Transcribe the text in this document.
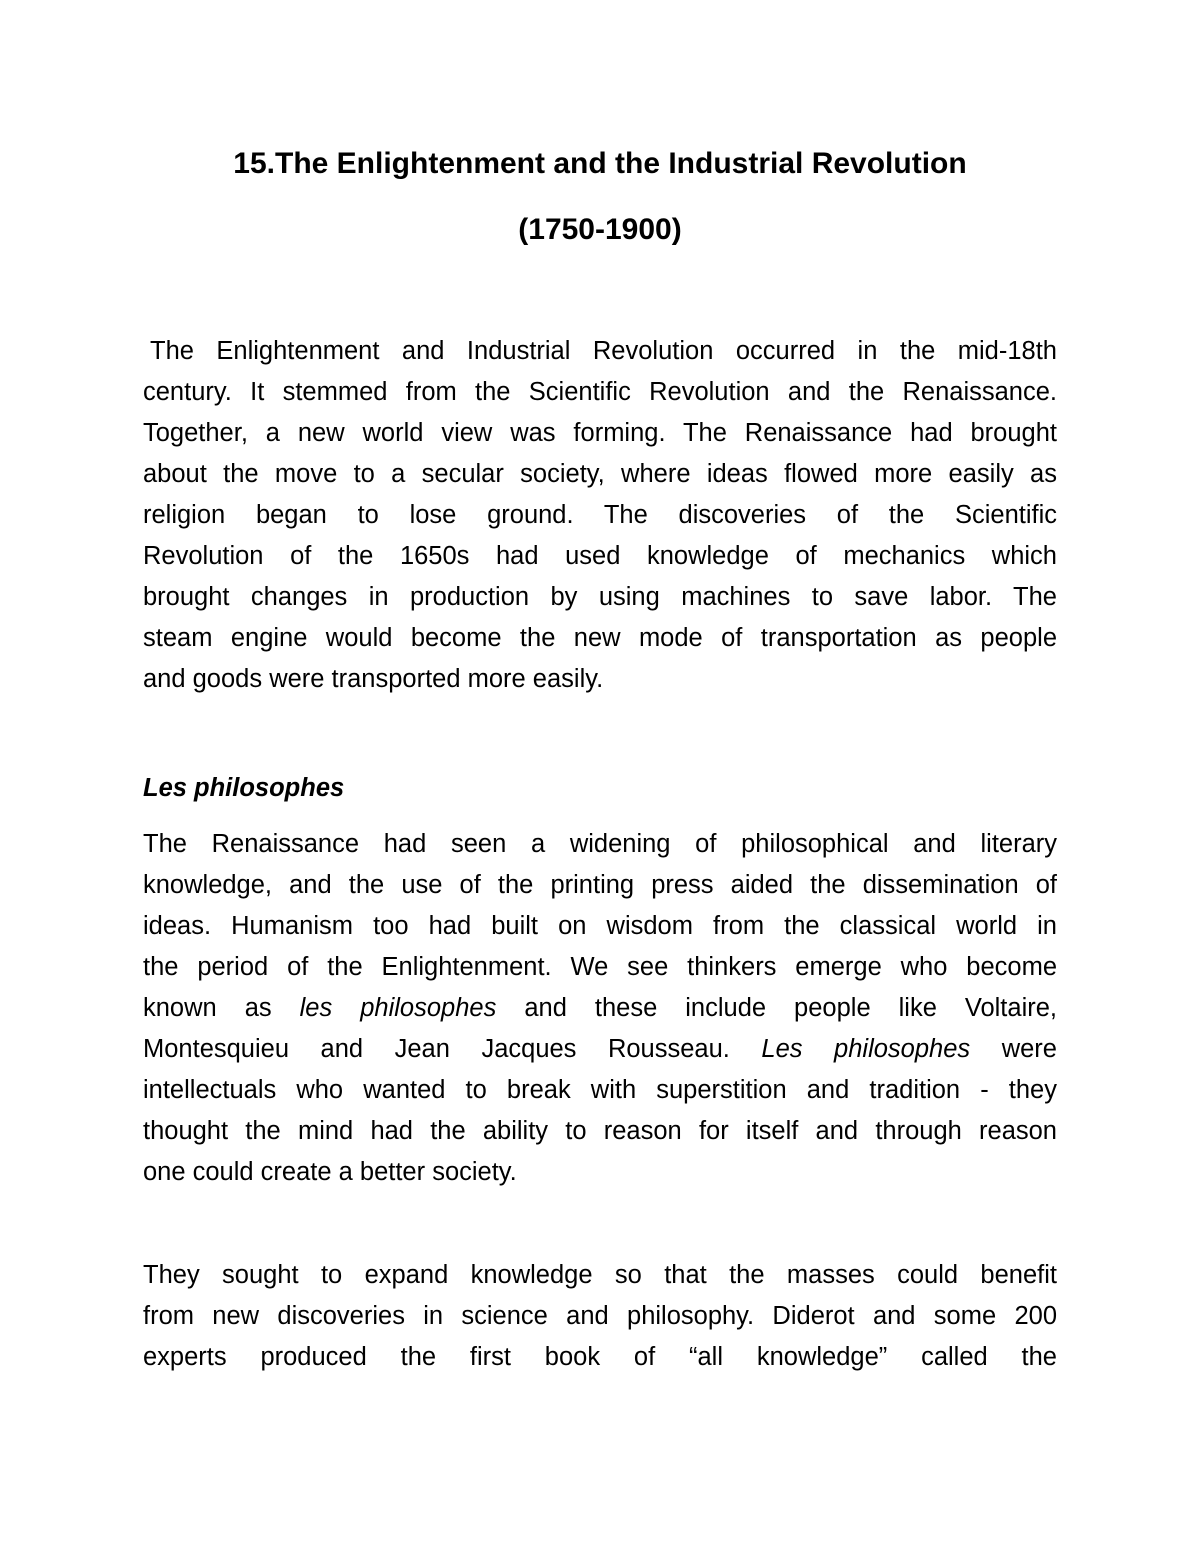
15.The Enlightenment and the Industrial Revolution
(1750-1900)
The Enlightenment and Industrial Revolution occurred in the mid-18th
century. It stemmed from the Scientific Revolution and the Renaissance.
Together, a new world view was forming. The Renaissance had brought
about the move to a secular society, where ideas flowed more easily as
religion began to lose ground. The discoveries of the Scientific
Revolution of the 1650s had used knowledge of mechanics which
brought changes in production by using machines to save labor. The
steam engine would become the new mode of transportation as people
and goods were transported more easily.
Les philosophes
The Renaissance had seen a widening of philosophical and literary
knowledge, and the use of the printing press aided the dissemination of
ideas. Humanism too had built on wisdom from the classical world in
the period of the Enlightenment. We see thinkers emerge who become
known as les philosophes and these include people like Voltaire,
Montesquieu and Jean Jacques Rousseau. Les philosophes were
intellectuals who wanted to break with superstition and tradition - they
thought the mind had the ability to reason for itself and through reason
one could create a better society.
They sought to expand knowledge so that the masses could benefit
from new discoveries in science and philosophy. Diderot and some 200
experts produced the first book of “all knowledge” called the
